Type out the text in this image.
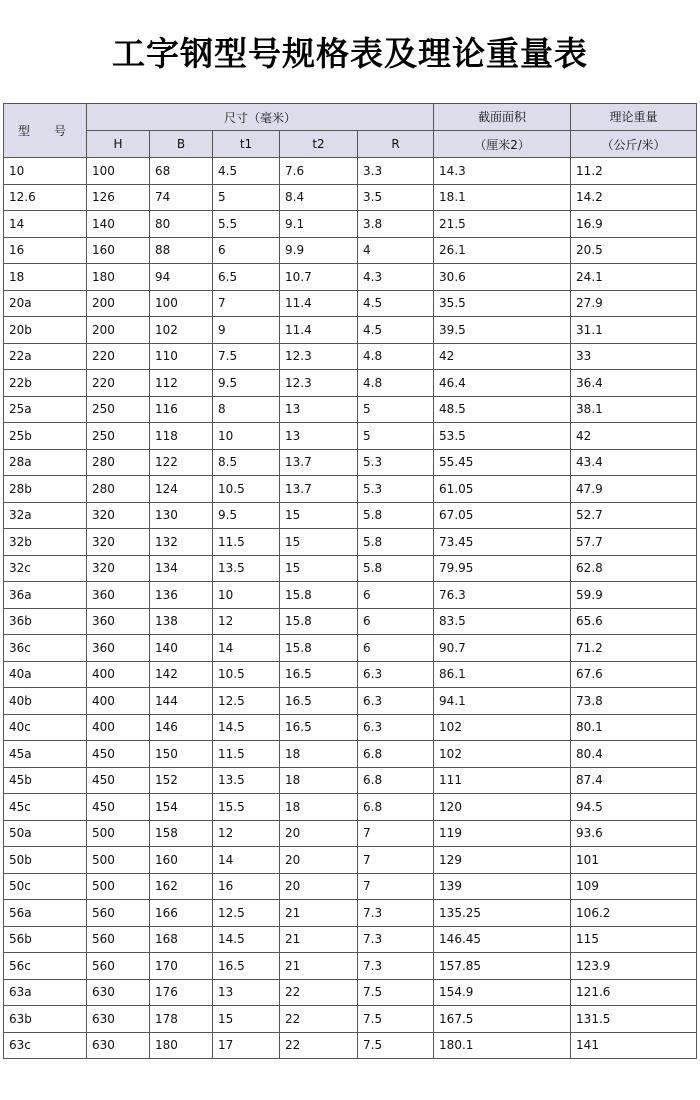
工字钢型号规格表及理论重量表
型　　号	尺寸（毫米）					截面面积	理论重量
	H	B	t1	t2	R	（厘米2）	（公斤/米）
10	100	68	4.5	7.6	3.3	14.3	11.2
12.6	126	74	5	8.4	3.5	18.1	14.2
14	140	80	5.5	9.1	3.8	21.5	16.9
16	160	88	6	9.9	4	26.1	20.5
18	180	94	6.5	10.7	4.3	30.6	24.1
20a	200	100	7	11.4	4.5	35.5	27.9
20b	200	102	9	11.4	4.5	39.5	31.1
22a	220	110	7.5	12.3	4.8	42	33
22b	220	112	9.5	12.3	4.8	46.4	36.4
25a	250	116	8	13	5	48.5	38.1
25b	250	118	10	13	5	53.5	42
28a	280	122	8.5	13.7	5.3	55.45	43.4
28b	280	124	10.5	13.7	5.3	61.05	47.9
32a	320	130	9.5	15	5.8	67.05	52.7
32b	320	132	11.5	15	5.8	73.45	57.7
32c	320	134	13.5	15	5.8	79.95	62.8
36a	360	136	10	15.8	6	76.3	59.9
36b	360	138	12	15.8	6	83.5	65.6
36c	360	140	14	15.8	6	90.7	71.2
40a	400	142	10.5	16.5	6.3	86.1	67.6
40b	400	144	12.5	16.5	6.3	94.1	73.8
40c	400	146	14.5	16.5	6.3	102	80.1
45a	450	150	11.5	18	6.8	102	80.4
45b	450	152	13.5	18	6.8	111	87.4
45c	450	154	15.5	18	6.8	120	94.5
50a	500	158	12	20	7	119	93.6
50b	500	160	14	20	7	129	101
50c	500	162	16	20	7	139	109
56a	560	166	12.5	21	7.3	135.25	106.2
56b	560	168	14.5	21	7.3	146.45	115
56c	560	170	16.5	21	7.3	157.85	123.9
63a	630	176	13	22	7.5	154.9	121.6
63b	630	178	15	22	7.5	167.5	131.5
63c	630	180	17	22	7.5	180.1	141
